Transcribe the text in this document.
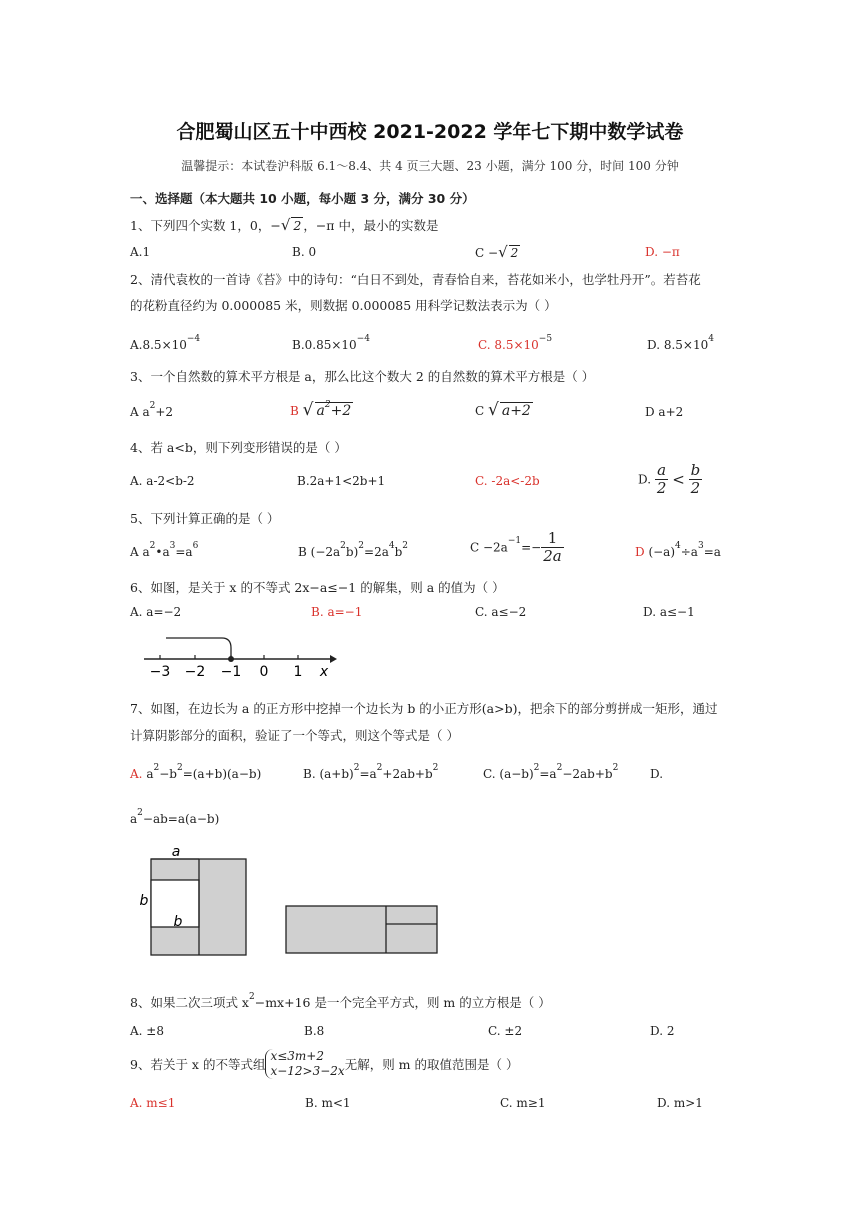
合肥蜀山区五十中西校 2021-2022 学年七下期中数学试卷
温馨提示：本试卷沪科版 6.1～8.4、共 4 页三大题、23 小题，满分 100 分，时间 100 分钟
一、选择题（本大题共 10 小题，每小题 3 分，满分 30 分）
1、下列四个实数 1，0，−√ 2 ，−π 中，最小的实数是
A.1	B. 0	C −√ 2	D. −π
2、清代袁枚的一首诗《苔》中的诗句：“白日不到处，青春恰自来，苔花如米小，也学牡丹开”。若苔花
的花粉直径约为 0.000085 米，则数据 0.000085 用科学记数法表示为（ ）
$A.8.5\times 10^{-4}$	$B.0.85\times 10^{-4}$	C. $8.5\times 10^{-5}$	D. $8.5\times 10^4$
3、一个自然数的算术平方根是 a，那么比这个数大 2 的自然数的算术平方根是（ ）
A $a^2+2$	B √ $a^2+2$	C √ a+2	D a+2
4、若 a<b，则下列变形错误的是（ ）
A. a-2<b-2	B.2a+1<2b+1	C. -2a<-2b	D. $\frac{a}{2} < \frac{b}{2}$
5、下列计算正确的是（ ）
A $a^2•a^3=a^6$	B $(-2a^2b)^2=2a^4b^2$	$C -2a^{-1}=- \frac{1}{2a}$	D $(-a)^4\div a^3=a$
6、如图，是关于 x 的不等式 2x−a≤−1 的解集，则 a 的值为（ ）
A. a=−2	B. a=−1	C. a≤−2	D. a≤−1
−3 −2 −1 0 1 x
7、如图，在边长为 a 的正方形中挖掉一个边长为 b 的小正方形(a>b)，把余下的部分剪拼成一矩形，通过
计算阴影部分的面积，验证了一个等式，则这个等式是（ ）
A. $a^2-b^2=(a+b)(a-b)$	B. $(a+b)^2=a^2+2ab+b^2$	C. $(a-b)^2=a^2-2ab+b^2$	D.
$a^2-ab=a(a-b)$
a
b
b
8、如果二次三项式 $x^2-mx+16$ 是一个完全平方式，则 m 的立方根是（ ）
A. ±8	B.8	C. ±2	D. 2
9、若关于 x 的不等式组
x≤3m+2
x−12>3−2x 无解，则 m 的取值范围是（ ）
A. m≤1	B. m<1	C. m≥1	D. m>1
